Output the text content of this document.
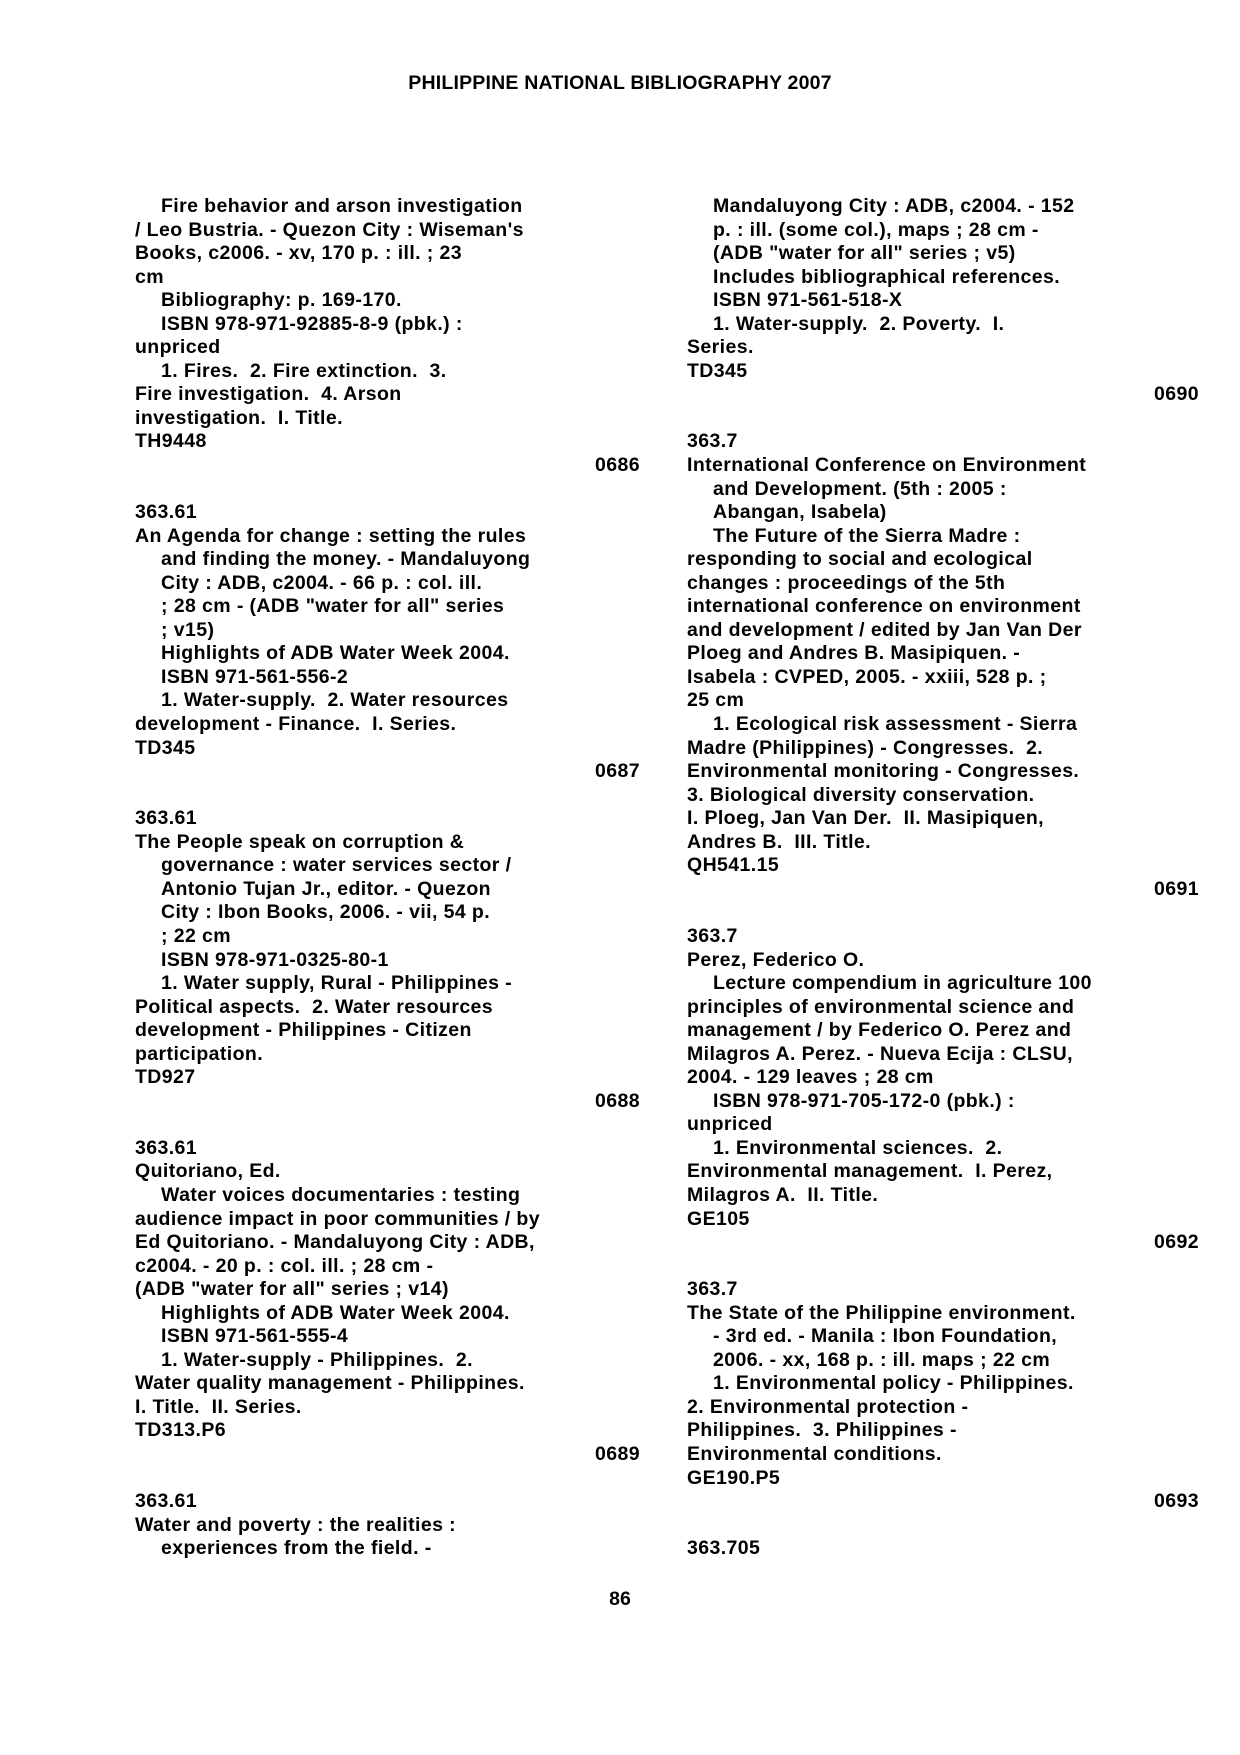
PHILIPPINE NATIONAL BIBLIOGRAPHY 2007
Fire behavior and arson investigation
/ Leo Bustria. - Quezon City : Wiseman's
Books, c2006. - xv, 170 p. : ill. ; 23
cm
Bibliography: p. 169-170.
ISBN 978-971-92885-8-9 (pbk.) :
unpriced
1. Fires.  2. Fire extinction.  3.
Fire investigation.  4. Arson
investigation.  I. Title.
TH9448
0686
363.61
An Agenda for change : setting the rules
and finding the money. - Mandaluyong
City : ADB, c2004. - 66 p. : col. ill.
; 28 cm - (ADB "water for all" series
; v15)
Highlights of ADB Water Week 2004.
ISBN 971-561-556-2
1. Water-supply.  2. Water resources
development - Finance.  I. Series.
TD345
0687
363.61
The People speak on corruption &
governance : water services sector /
Antonio Tujan Jr., editor. - Quezon
City : Ibon Books, 2006. - vii, 54 p.
; 22 cm
ISBN 978-971-0325-80-1
1. Water supply, Rural - Philippines -
Political aspects.  2. Water resources
development - Philippines - Citizen
participation.
TD927
0688
363.61
Quitoriano, Ed.
Water voices documentaries : testing
audience impact in poor communities / by
Ed Quitoriano. - Mandaluyong City : ADB,
c2004. - 20 p. : col. ill. ; 28 cm -
(ADB "water for all" series ; v14)
Highlights of ADB Water Week 2004.
ISBN 971-561-555-4
1. Water-supply - Philippines.  2.
Water quality management - Philippines.
I. Title.  II. Series.
TD313.P6
0689
363.61
Water and poverty : the realities :
experiences from the field. -
Mandaluyong City : ADB, c2004. - 152
p. : ill. (some col.), maps ; 28 cm -
(ADB "water for all" series ; v5)
Includes bibliographical references.
ISBN 971-561-518-X
1. Water-supply.  2. Poverty.  I.
Series.
TD345
0690
363.7
International Conference on Environment
and Development. (5th : 2005 :
Abangan, Isabela)
The Future of the Sierra Madre :
responding to social and ecological
changes : proceedings of the 5th
international conference on environment
and development / edited by Jan Van Der
Ploeg and Andres B. Masipiquen. -
Isabela : CVPED, 2005. - xxiii, 528 p. ;
25 cm
1. Ecological risk assessment - Sierra
Madre (Philippines) - Congresses.  2.
Environmental monitoring - Congresses.
3. Biological diversity conservation.
I. Ploeg, Jan Van Der.  II. Masipiquen,
Andres B.  III. Title.
QH541.15
0691
363.7
Perez, Federico O.
Lecture compendium in agriculture 100
principles of environmental science and
management / by Federico O. Perez and
Milagros A. Perez. - Nueva Ecija : CLSU,
2004. - 129 leaves ; 28 cm
ISBN 978-971-705-172-0 (pbk.) :
unpriced
1. Environmental sciences.  2.
Environmental management.  I. Perez,
Milagros A.  II. Title.
GE105
0692
363.7
The State of the Philippine environment.
- 3rd ed. - Manila : Ibon Foundation,
2006. - xx, 168 p. : ill. maps ; 22 cm
1. Environmental policy - Philippines.
2. Environmental protection -
Philippines.  3. Philippines -
Environmental conditions.
GE190.P5
0693
363.705
86
